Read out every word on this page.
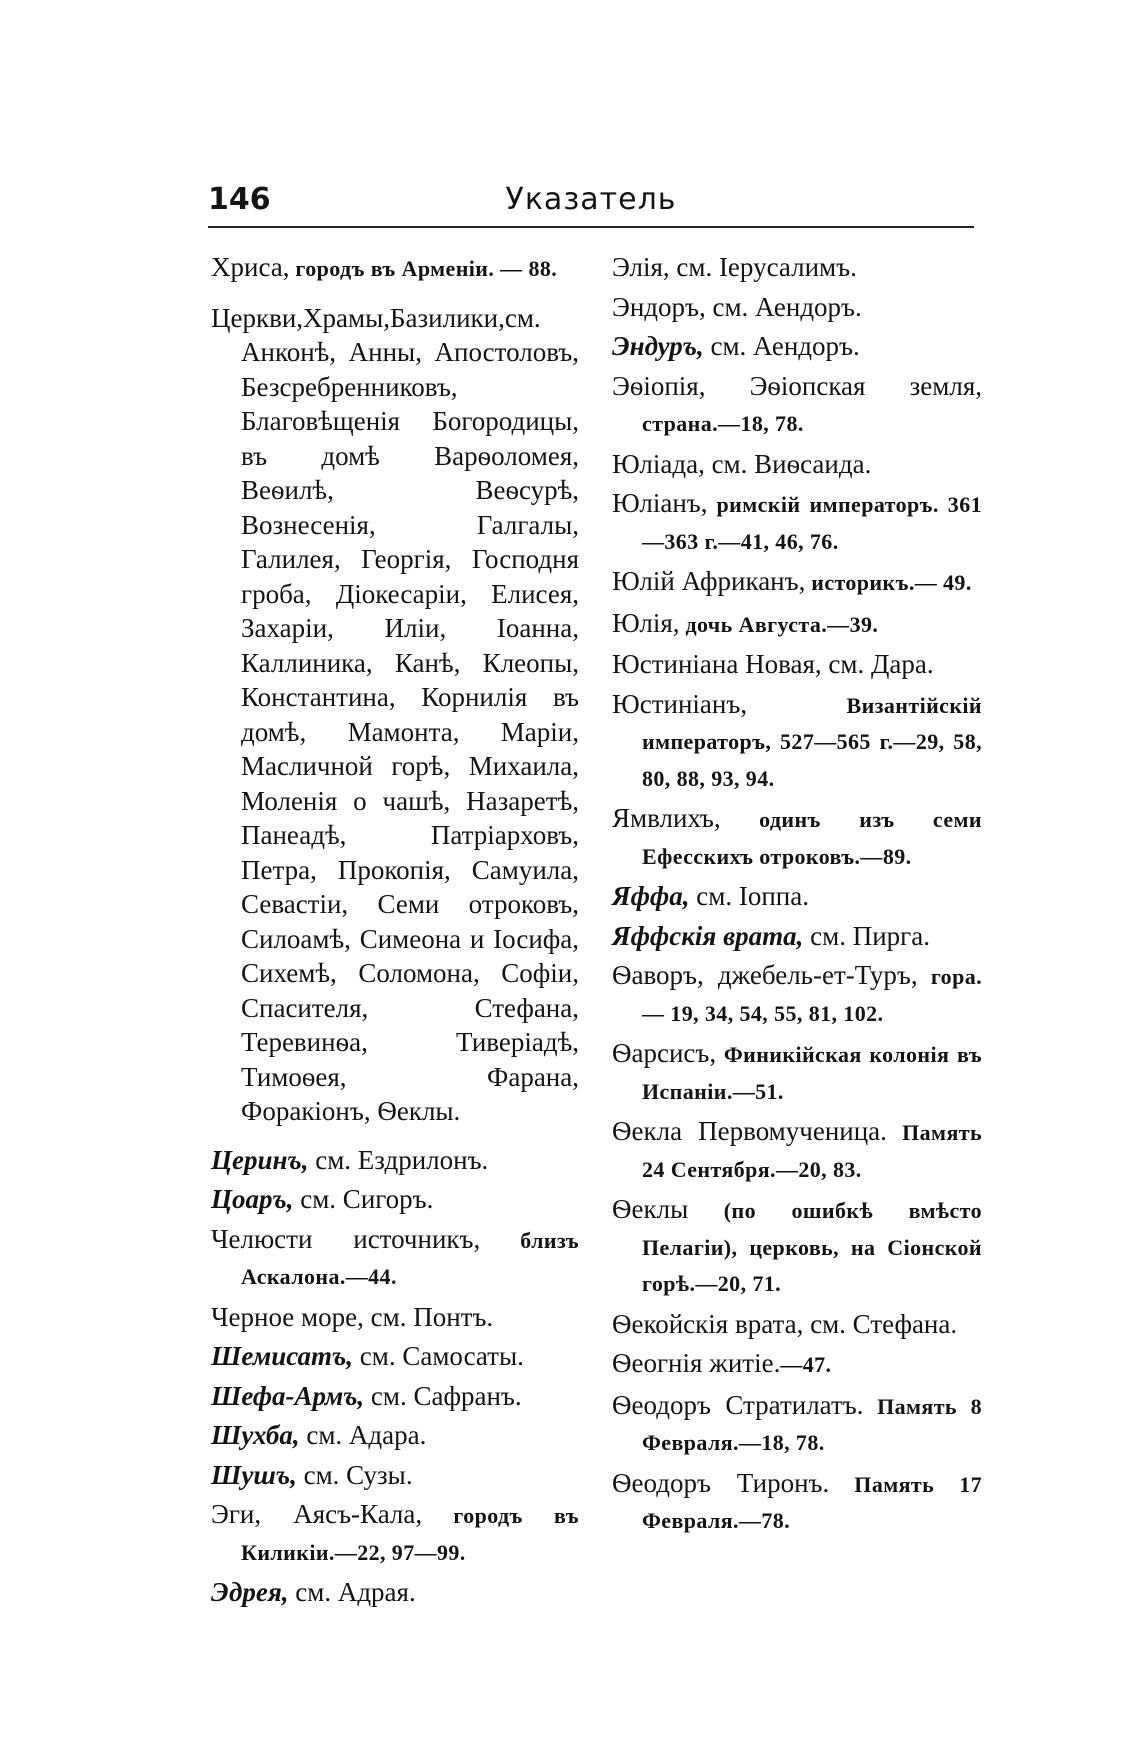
146	Указатель

Хриса, городъ въ Арменіи. — 88.

Церкви,Храмы,Базилики,см. Анконѣ, Анны, Апостоловъ, Безсребренниковъ, Благовѣщенія Богородицы, въ домѣ Варѳоломея, Веѳилѣ, Веѳсурѣ, Вознесенія, Галгалы, Галилея, Георгія, Господня гроба, Діокесаріи, Елисея, Захаріи, Иліи, Іоанна, Каллиника, Канѣ, Клеопы, Константина, Корнилія въ домѣ, Мамонта, Маріи, Масличной горѣ, Михаила, Моленія о чашѣ, Назаретѣ, Панеадѣ, Патріарховъ, Петра, Прокопія, Самуила, Севастіи, Семи отроковъ, Силоамѣ, Симеона и Іосифа, Сихемѣ, Соломона, Софіи, Спасителя, Стефана, Теревинѳа, Тиверіадѣ, Тимоѳея, Фарана, Форакіонъ, Ѳеклы.

Церинъ, см. Ездрилонъ.

Цоаръ, см. Сигоръ.

Челюсти источникъ, близъ Аскалона.—44.

Черное море, см. Понтъ.

Шемисатъ, см. Самосаты.

Шефа-Армъ, см. Сафранъ.

Шухба, см. Адара.

Шушъ, см. Сузы.

Эги, Аясъ-Кала, городъ въ Киликіи.—22, 97—99.

Эдрея, см. Адрая.

Элія, см. Іерусалимъ.

Эндоръ, см. Аендоръ.

Эндуръ, см. Аендоръ.

Эѳіопія, Эѳіопская земля, страна.—18, 78.

Юліада, см. Виѳсаида.

Юліанъ, римскій императоръ. 361—363 г.—41, 46, 76.

Юлій Африканъ, историкъ.— 49.

Юлія, дочь Августа.—39.

Юстиніана Новая, см. Дара.

Юстиніанъ, Византійскій императоръ, 527—565 г.—29, 58, 80, 88, 93, 94.

Ямвлихъ, одинъ изъ семи Ефесскихъ отроковъ.—89.

Яффа, см. Іоппа.

Яффскія врата, см. Пирга.

Ѳаворъ, джебель-ет-Туръ, гора. — 19, 34, 54, 55, 81, 102.

Ѳарсисъ, Финикійская колонія въ Испаніи.—51.

Ѳекла Первомученица. Память 24 Сентября.—20, 83.

Ѳеклы (по ошибкѣ вмѣсто Пелагіи), церковь, на Сіонской горѣ.—20, 71.

Ѳекойскія врата, см. Стефана.

Ѳеогнія житіе.—47.

Ѳеодоръ Стратилатъ. Память 8 Февраля.—18, 78.

Ѳеодоръ Тиронъ. Память 17 Февраля.—78.
